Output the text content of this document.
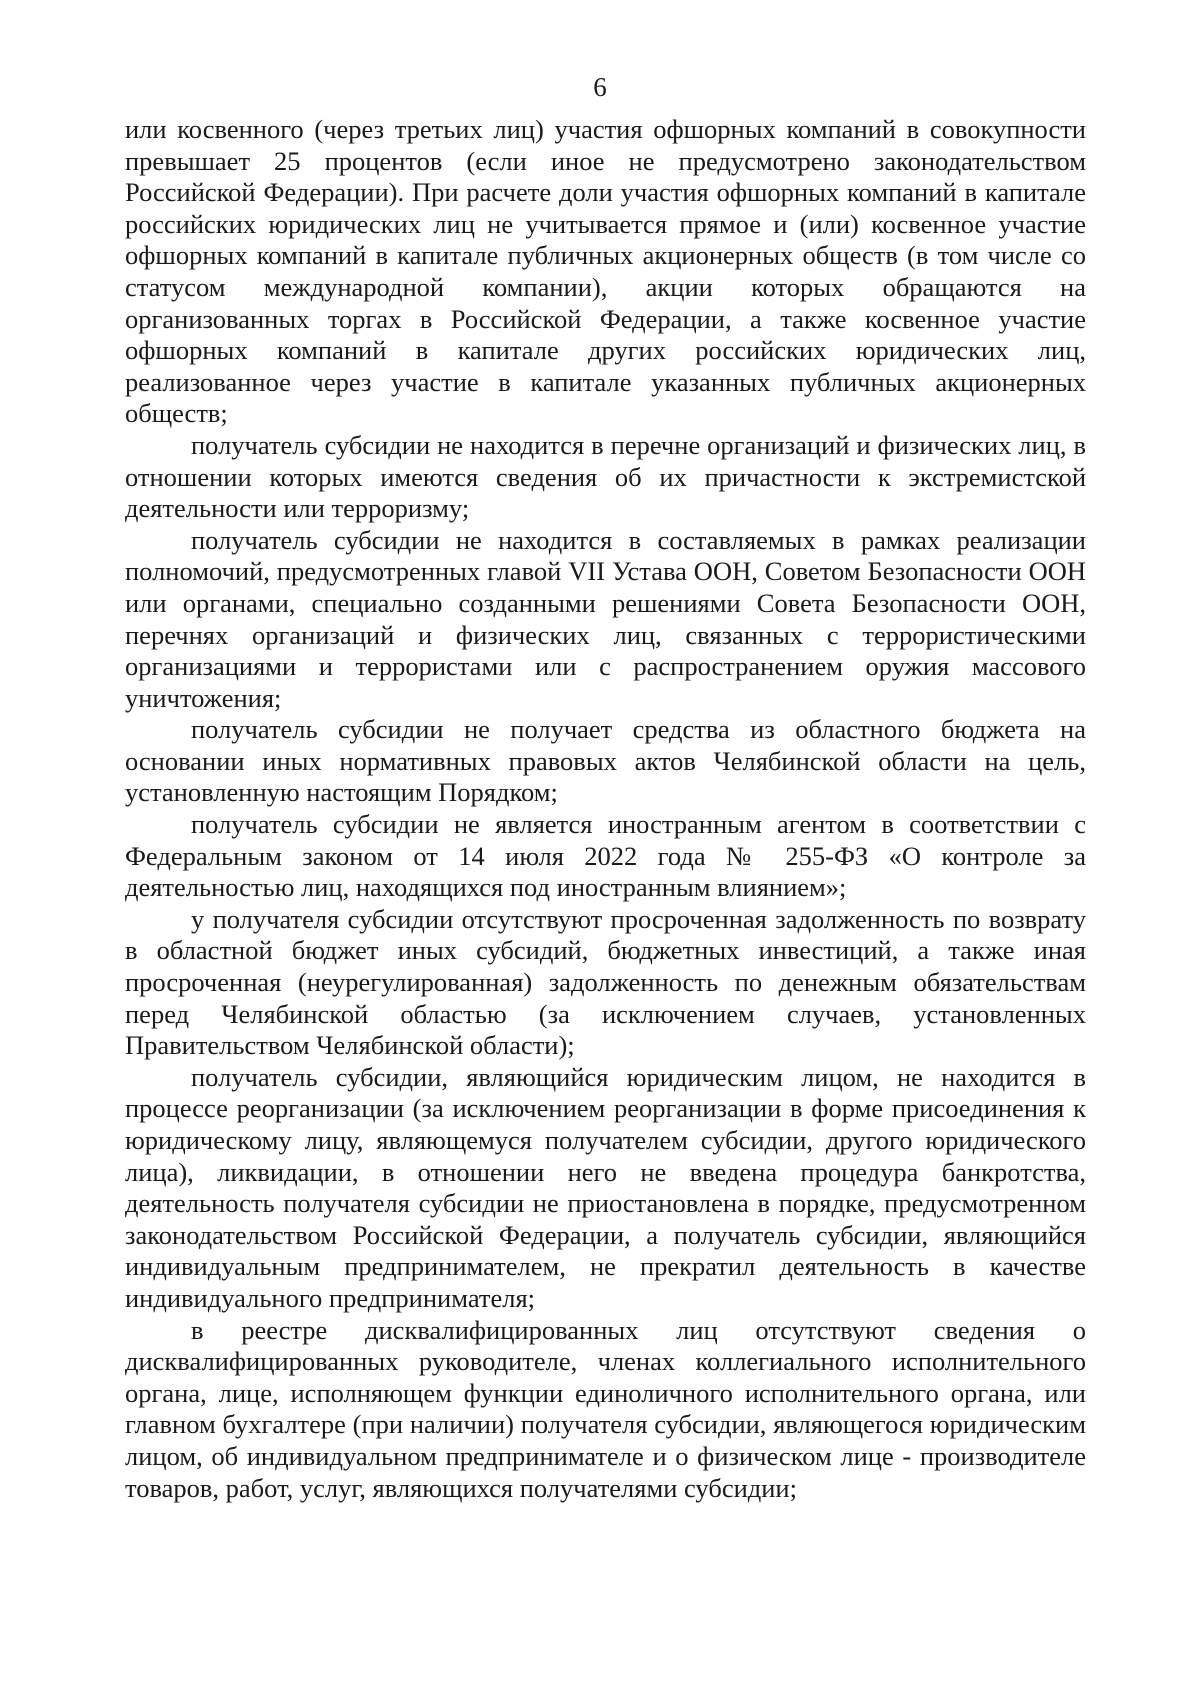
6

или косвенного (через третьих лиц) участия офшорных компаний в совокупности превышает 25 процентов (если иное не предусмотрено законодательством Российской Федерации). При расчете доли участия офшорных компаний в капитале российских юридических лиц не учитывается прямое и (или) косвенное участие офшорных компаний в капитале публичных акционерных обществ (в том числе со статусом международной компании), акции которых обращаются на организованных торгах в Российской Федерации, а также косвенное участие офшорных компаний в капитале других российских юридических лиц, реализованное через участие в капитале указанных публичных акционерных обществ;

получатель субсидии не находится в перечне организаций и физических лиц, в отношении которых имеются сведения об их причастности к экстремистской деятельности или терроризму;

получатель субсидии не находится в составляемых в рамках реализации полномочий, предусмотренных главой VII Устава ООН, Советом Безопасности ООН или органами, специально созданными решениями Совета Безопасности ООН, перечнях организаций и физических лиц, связанных с террористическими организациями и террористами или с распространением оружия массового уничтожения;

получатель субсидии не получает средства из областного бюджета на основании иных нормативных правовых актов Челябинской области на цель, установленную настоящим Порядком;

получатель субсидии не является иностранным агентом в соответствии с Федеральным законом от 14 июля 2022 года № 255-ФЗ «О контроле за деятельностью лиц, находящихся под иностранным влиянием»;

у получателя субсидии отсутствуют просроченная задолженность по возврату в областной бюджет иных субсидий, бюджетных инвестиций, а также иная просроченная (неурегулированная) задолженность по денежным обязательствам перед Челябинской областью (за исключением случаев, установленных Правительством Челябинской области);

получатель субсидии, являющийся юридическим лицом, не находится в процессе реорганизации (за исключением реорганизации в форме присоединения к юридическому лицу, являющемуся получателем субсидии, другого юридического лица), ликвидации, в отношении него не введена процедура банкротства, деятельность получателя субсидии не приостановлена в порядке, предусмотренном законодательством Российской Федерации, а получатель субсидии, являющийся индивидуальным предпринимателем, не прекратил деятельность в качестве индивидуального предпринимателя;

в реестре дисквалифицированных лиц отсутствуют сведения о дисквалифицированных руководителе, членах коллегиального исполнительного органа, лице, исполняющем функции единоличного исполнительного органа, или главном бухгалтере (при наличии) получателя субсидии, являющегося юридическим лицом, об индивидуальном предпринимателе и о физическом лице - производителе товаров, работ, услуг, являющихся получателями субсидии;
